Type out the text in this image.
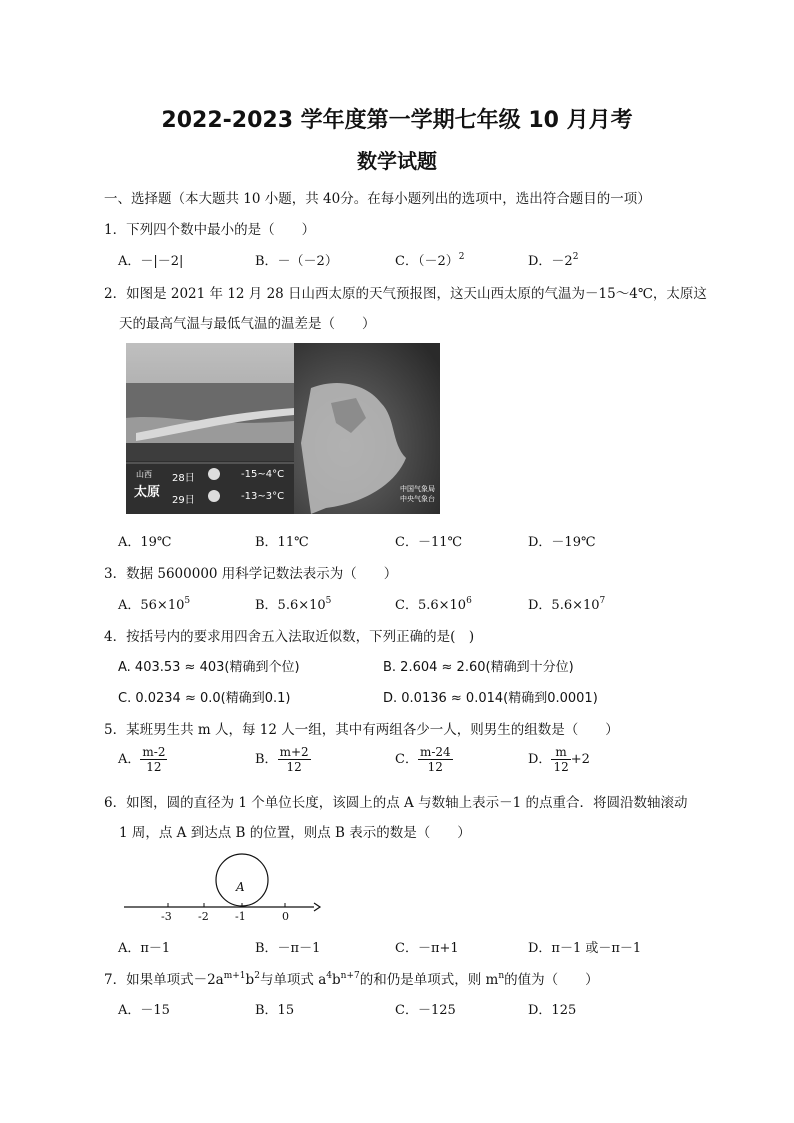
2022-2023 学年度第一学期七年级 10 月月考
数学试题
一、选择题（本大题共 10 小题，共 40分。在每小题列出的选项中，选出符合题目的一项）
1．下列四个数中最小的是（　　）
A．－|－2|	B．－（－2）	C．$(-2)^2$	D．$-2^2$
2．如图是 2021 年 12 月 28 日山西太原的天气预报图，这天山西太原的气温为－15～4℃，太原这
天的最高气温与最低气温的温差是（　　）
山西
太原
28日	-15~4°C
29日	-13~3°C
中国气象局
中央气象台
A．19℃	B．11℃	C．－11℃	D．－19℃
3．数据 5600000 用科学记数法表示为（　　）
A．$56\times 10^5$	B．$5.6\times 10^5$	C．$5.6\times 10^6$	D．$5.6\times 10^7$
4．按括号内的要求用四舍五入法取近似数，下列正确的是(　)
A. 403.53 ≈ 403(精确到个位)	B. 2.604 ≈ 2.60(精确到十分位)
C. 0.0234 ≈ 0.0(精确到0.1)	D. 0.0136 ≈ 0.014(精确到0.0001)
5．某班男生共 m 人，每 12 人一组，其中有两组各少一人，则男生的组数是（　　）
A． $\frac{m-2}{12}$	B． $\frac{m+2}{12}$	C． $\frac{m-24}{12}$	D． $\frac{m}{12} +2$
6．如图，圆的直径为 1 个单位长度，该圆上的点 A 与数轴上表示－1 的点重合．将圆沿数轴滚动
1 周，点 A 到达点 B 的位置，则点 B 表示的数是（　　）
A
-3 -2 -1	0
A．π－1	B．－π－1	C．－π+1	D．π－1 或－π－1
7．如果单项式$-2a^{m+1}b^2$与单项式 $a^4b^{n+7}$的和仍是单项式，则 $m^n$的值为（　　）
A．－15	B．15	C．－125	D．125
